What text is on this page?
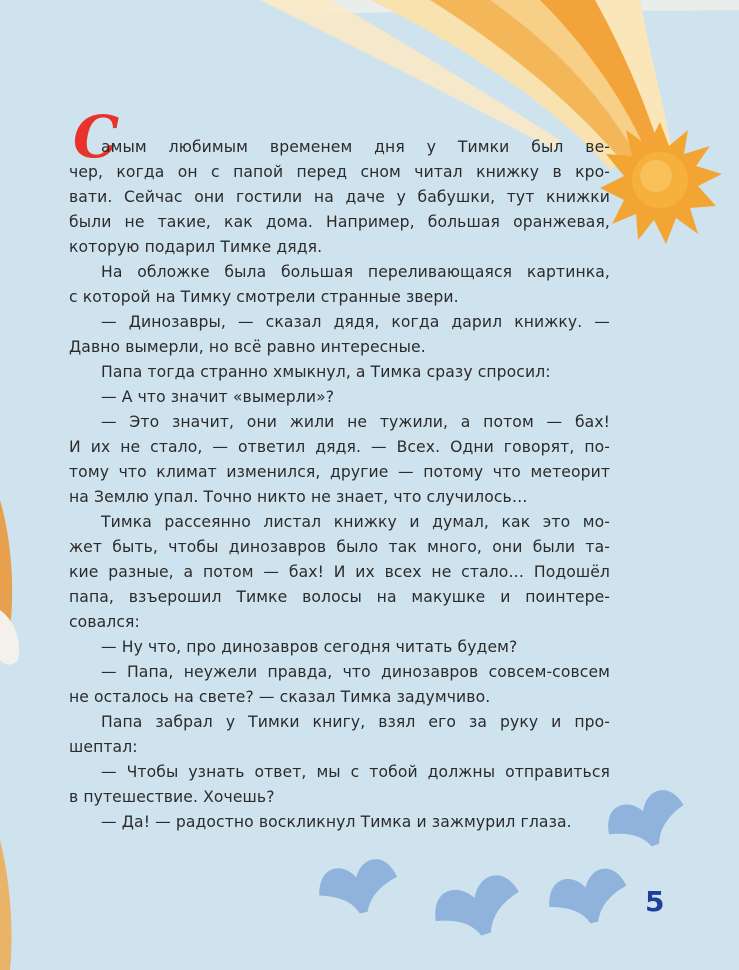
С
амым любимым временем дня у Тимки был ве-
чер, когда он с папой перед сном читал книжку в кро-
вати. Сейчас они гостили на даче у бабушки, тут книжки
были не такие, как дома. Например, большая оранжевая,
которую подарил Тимке дядя.
На обложке была большая переливающаяся картинка,
с которой на Тимку смотрели странные звери.
— Динозавры, — сказал дядя, когда дарил книжку. —
Давно вымерли, но всё равно интересные.
Папа тогда странно хмыкнул, а Тимка сразу спросил:
— А что значит «вымерли»?
— Это значит, они жили не тужили, а потом — бах!
И их не стало, — ответил дядя. — Всех. Одни говорят, по-
тому что климат изменился, другие — потому что метеорит
на Землю упал. Точно никто не знает, что случилось…
Тимка рассеянно листал книжку и думал, как это мо-
жет быть, чтобы динозавров было так много, они были та-
кие разные, а потом — бах! И их всех не стало… Подошёл
папа, взъерошил Тимке волосы на макушке и поинтере-
совался:
— Ну что, про динозавров сегодня читать будем?
— Папа, неужели правда, что динозавров совсем-совсем
не осталось на свете? — сказал Тимка задумчиво.
Папа забрал у Тимки книгу, взял его за руку и про-
шептал:
— Чтобы узнать ответ, мы с тобой должны отправиться
в путешествие. Хочешь?
— Да! — радостно воскликнул Тимка и зажмурил глаза.
5
